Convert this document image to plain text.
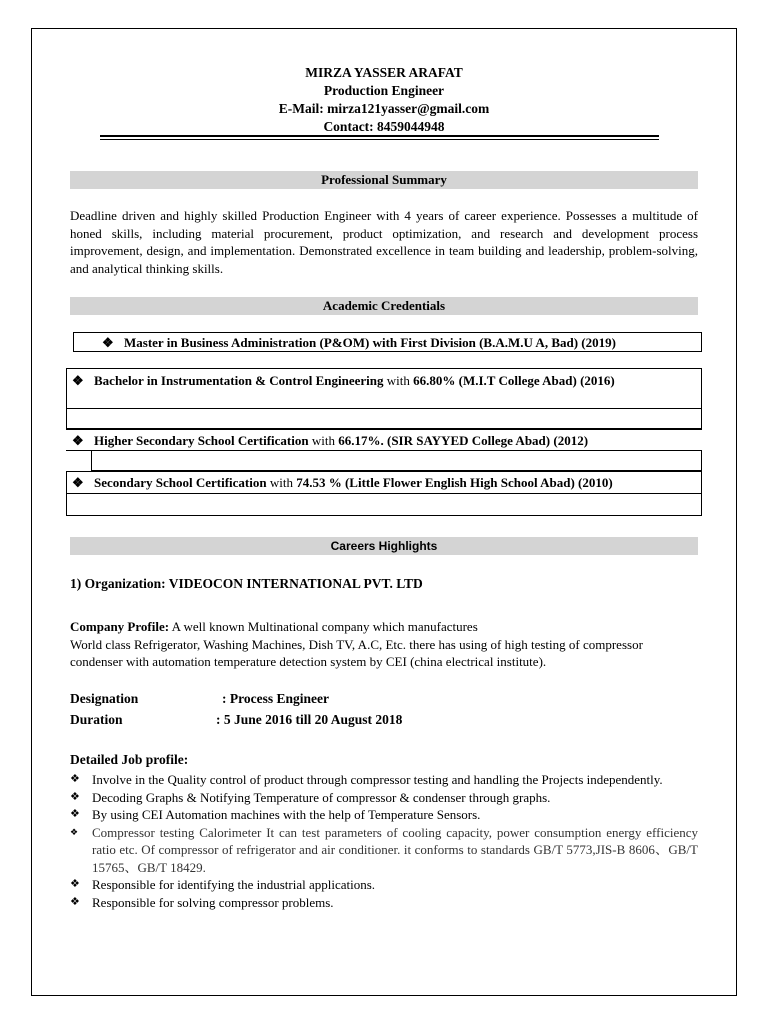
MIRZA YASSER ARAFAT
Production Engineer
E-Mail: mirza121yasser@gmail.com
Contact: 8459044948
Professional Summary
Deadline driven and highly skilled Production Engineer with 4 years of career experience. Possesses a multitude of honed skills, including material procurement, product optimization, and research and development process improvement, design, and implementation. Demonstrated excellence in team building and leadership, problem-solving, and analytical thinking skills.
Academic Credentials
❖ Master in Business Administration (P&OM) with First Division (B.A.M.U A, Bad) (2019)
❖ Bachelor in Instrumentation & Control Engineering with 66.80% (M.I.T College Abad) (2016)
❖ Higher Secondary School Certification with 66.17%. (SIR SAYYED College Abad) (2012)
❖ Secondary School Certification with 74.53 % (Little Flower English High School Abad) (2010)
Careers Highlights
1) Organization: VIDEOCON INTERNATIONAL PVT. LTD
Company Profile: A well known Multinational company which manufactures
World class Refrigerator, Washing Machines, Dish TV, A.C, Etc. there has using of high testing of compressor condenser with automation temperature detection system by CEI (china electrical institute).
Designation	: Process Engineer
Duration	: 5 June 2016 till 20 August 2018
Detailed Job profile:
❖ Involve in the Quality control of product through compressor testing and handling the Projects independently.
❖ Decoding Graphs & Notifying Temperature of compressor & condenser through graphs.
❖ By using CEI Automation machines with the help of Temperature Sensors.
❖	Compressor testing Calorimeter It can test parameters of cooling capacity, power consumption energy efficiency ratio etc. Of compressor of refrigerator and air conditioner. it conforms to standards GB/T 5773,JIS-B 8606、GB/T 15765、GB/T 18429.
❖ Responsible for identifying the industrial applications.
❖ Responsible for solving compressor problems.
